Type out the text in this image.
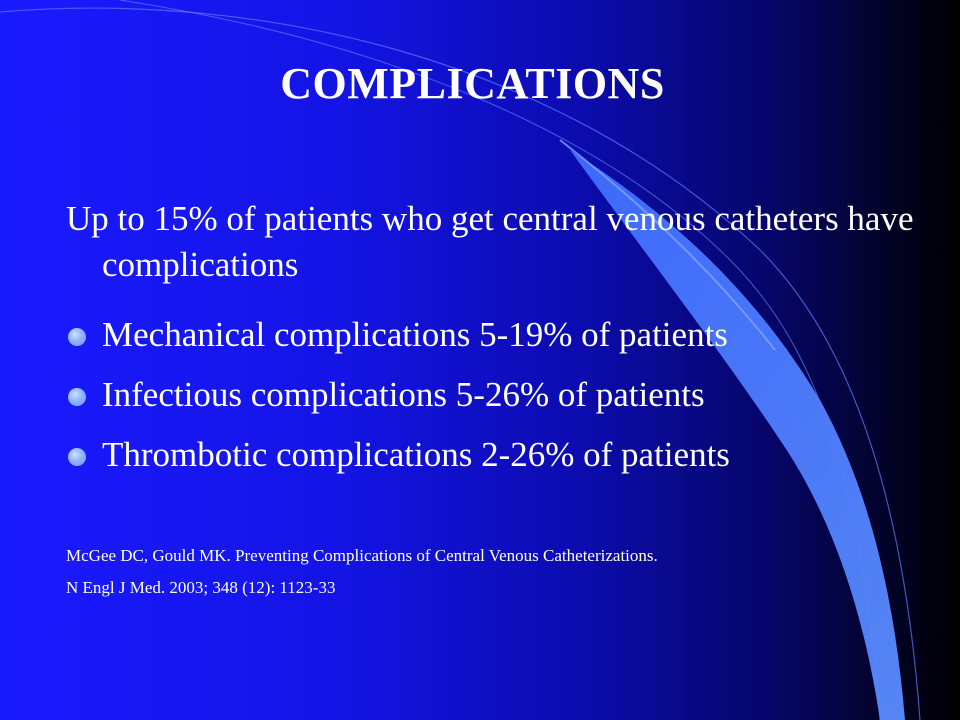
COMPLICATIONS

Up to 15% of patients who get central venous catheters have complications

Mechanical complications 5-19% of patients
Infectious complications 5-26% of patients
Thrombotic complications 2-26% of patients

McGee DC, Gould MK. Preventing Complications of Central Venous Catheterizations.

N Engl J Med. 2003; 348 (12): 1123-33
